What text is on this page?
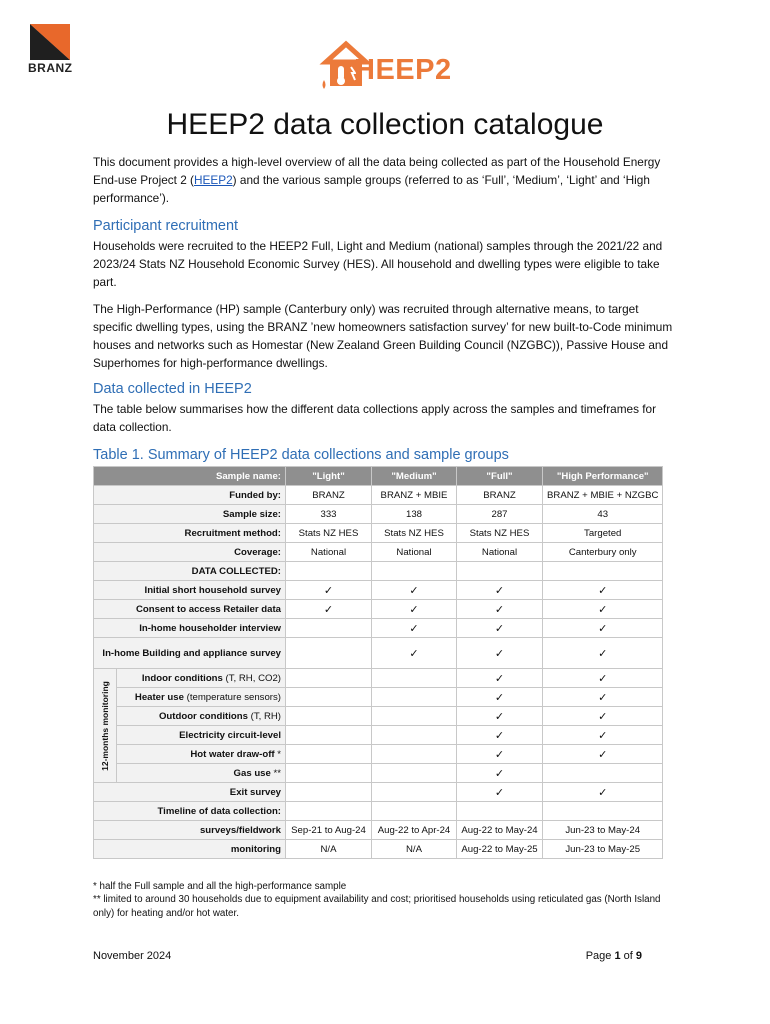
BRANZ	HEEP2
HEEP2 data collection catalogue
This document provides a high-level overview of all the data being collected as part of the Household Energy End-use Project 2 (HEEP2) and the various sample groups (referred to as ‘Full’, ‘Medium’, ‘Light’ and ‘High performance’).
Participant recruitment
Households were recruited to the HEEP2 Full, Light and Medium (national) samples through the 2021/22 and 2023/24 Stats NZ Household Economic Survey (HES). All household and dwelling types were eligible to take part.
The High-Performance (HP) sample (Canterbury only) was recruited through alternative means, to target specific dwelling types, using the BRANZ ’new homeowners satisfaction survey’ for new built-to-Code minimum houses and networks such as Homestar (New Zealand Green Building Council (NZGBC)), Passive House and Superhomes for high-performance dwellings.
Data collected in HEEP2
The table below summarises how the different data collections apply across the samples and timeframes for data collection.
Table 1. Summary of HEEP2 data collections and sample groups
Sample name:		"Light"	"Medium"	"Full"	"High Performance"
Funded by:		BRANZ	BRANZ + MBIE	BRANZ	BRANZ + MBIE + NZGBC
Sample size:		333	138	287	43
Recruitment method:		Stats NZ HES	Stats NZ HES	Stats NZ HES	Targeted
Coverage:		National	National	National	Canterbury only
DATA COLLECTED:					
Initial short household survey		✓	✓	✓	✓
Consent to access Retailer data		✓	✓	✓	✓
In-home householder interview			✓	✓	✓
In-home Building and appliance survey			✓	✓	✓

12-months monitoring	Indoor conditions (T, RH, CO2)			✓	✓
	Heater use (temperature sensors)			✓	✓
	Outdoor conditions (T, RH)			✓	✓
	Electricity circuit-level			✓	✓
	Hot water draw-off *			✓	✓
	Gas use **			✓	
Exit survey				✓	✓
Timeline of data collection:					
surveys/fieldwork		Sep-21 to Aug-24	Aug-22 to Apr-24	Aug-22 to May-24	Jun-23 to May-24
monitoring		N/A	N/A	Aug-22 to May-25	Jun-23 to May-25
* half the Full sample and all the high-performance sample
** limited to around 30 households due to equipment availability and cost; prioritised households using reticulated gas (North Island only) for heating and/or hot water.
November 2024	Page 1 of 9
